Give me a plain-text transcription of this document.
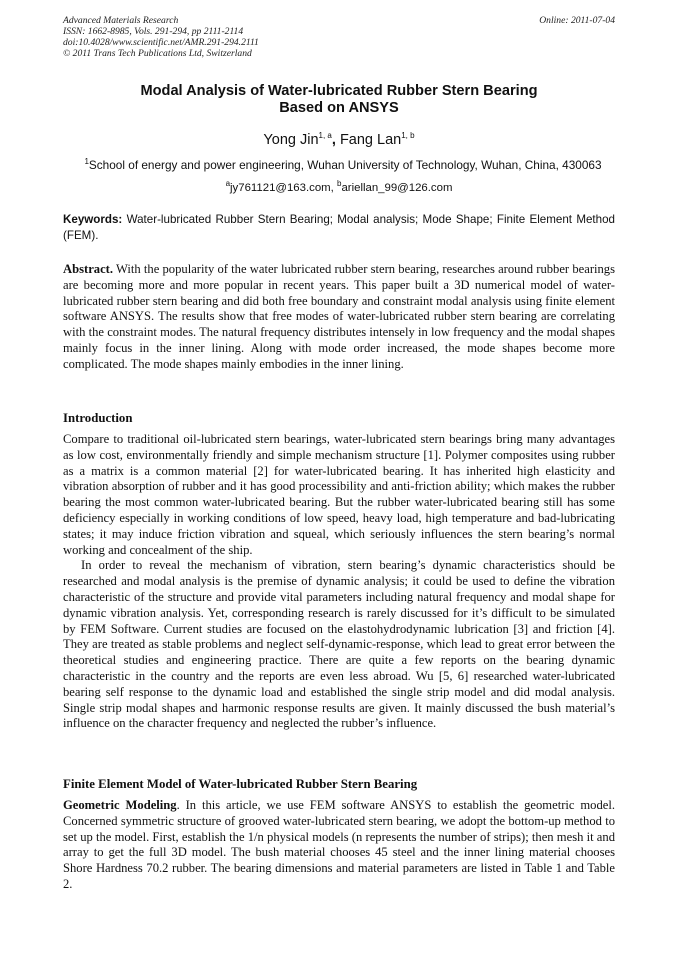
Advanced Materials Research
ISSN: 1662-8985, Vols. 291-294, pp 2111-2114
doi:10.4028/www.scientific.net/AMR.291-294.2111
© 2011 Trans Tech Publications Ltd, Switzerland
Online: 2011-07-04
Modal Analysis of Water-lubricated Rubber Stern Bearing
Based on ANSYS
Yong Jin$^{1, a}$, Fang Lan$^{1, b}$
$^1$School of energy and power engineering, Wuhan University of Technology, Wuhan, China, 430063
$^a$jy761121@163.com, $^b$ariellan_99@126.com
Keywords: Water-lubricated Rubber Stern Bearing; Modal analysis; Mode Shape; Finite Element Method (FEM).
Abstract. With the popularity of the water lubricated rubber stern bearing, researches around rubber bearings are becoming more and more popular in recent years. This paper built a 3D numerical model of water-lubricated rubber stern bearing and did both free boundary and constraint modal analysis using finite element software ANSYS. The results show that free modes of water-lubricated rubber stern bearing are correlating with the constraint modes. The natural frequency distributes intensely in low frequency and the modal shapes mainly focus in the inner lining. Along with mode order increased, the mode shapes become more complicated. The mode shapes mainly embodies in the inner lining.
Introduction

Compare to traditional oil-lubricated stern bearings, water-lubricated stern bearings bring many advantages as low cost, environmentally friendly and simple mechanism structure [1]. Polymer composites using rubber as a matrix is a common material [2] for water-lubricated bearing. It has inherited high elasticity and vibration absorption of rubber and it has good processibility and anti-friction ability; which makes the rubber bearing the most common water-lubricated bearing. But the rubber water-lubricated bearing still has some deficiency especially in working conditions of low speed, heavy load, high temperature and bad-lubricating states; it may induce friction vibration and squeal, which seriously influences the stern bearing’s normal working and concealment of the ship.

In order to reveal the mechanism of vibration, stern bearing’s dynamic characteristics should be researched and modal analysis is the premise of dynamic analysis; it could be used to define the vibration characteristic of the structure and provide vital parameters including natural frequency and modal shape for dynamic vibration analysis. Yet, corresponding research is rarely discussed for it’s difficult to be simulated by FEM Software. Current studies are focused on the elastohydrodynamic lubrication [3] and friction [4]. They are treated as stable problems and neglect self-dynamic-response, which lead to great error between the theoretical studies and engineering practice. There are quite a few reports on the bearing dynamic characteristic in the country and the reports are even less abroad. Wu [5, 6] researched water-lubricated bearing self response to the dynamic load and established the single strip model and did modal analysis. Single strip modal shapes and harmonic response results are given. It mainly discussed the bush material’s influence on the character frequency and neglected the rubber’s influence.

Finite Element Model of Water-lubricated Rubber Stern Bearing
Geometric Modeling. In this article, we use FEM software ANSYS to establish the geometric model. Concerned symmetric structure of grooved water-lubricated stern bearing, we adopt the bottom-up method to set up the model. First, establish the 1/n physical models (n represents the number of strips); then mesh it and array to get the full 3D model. The bush material chooses 45 steel and the inner lining material chooses Shore Hardness 70.2 rubber. The bearing dimensions and material parameters are listed in Table 1 and Table 2.
